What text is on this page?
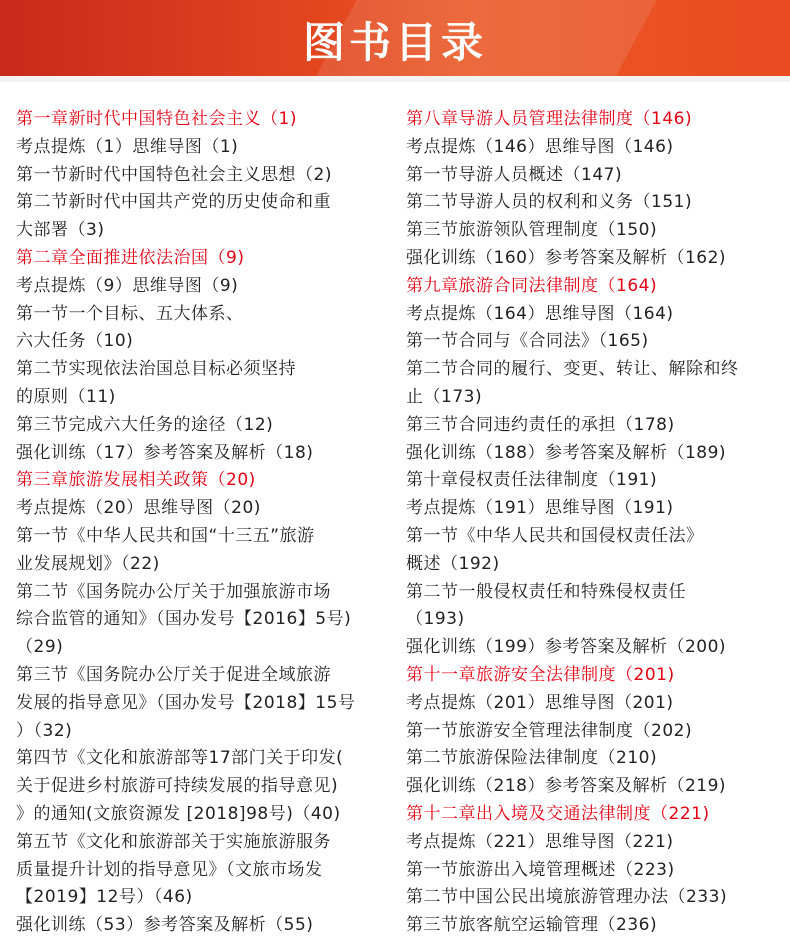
图书目录
第一章新时代中国特色社会主义（1)
考点提炼（1）思维导图（1)
第一节新时代中国特色社会主义思想（2)
第二节新时代中国共产党的历史使命和重
大部署（3)
第二章全面推进依法治国（9)
考点提炼（9）思维导图（9)
第一节一个目标、五大体系、
六大任务（10)
第二节实现依法治国总目标必须坚持
的原则（11)
第三节完成六大任务的途径（12)
强化训练（17）参考答案及解析（18)
第三章旅游发展相关政策（20)
考点提炼（20）思维导图（20)
第一节《中华人民共和国“十三五”旅游
业发展规划》（22)
第二节《国务院办公厅关于加强旅游市场
综合监管的通知》（国办发号【2016】5号)
（29)
第三节《国务院办公厅关于促进全域旅游
发展的指导意见》（国办发号【2018】15号
）（32)
第四节《文化和旅游部等17部门关于印发(
关于促进乡村旅游可持续发展的指导意见)
》的通知(文旅资源发 [2018]98号)（40)
第五节《文化和旅游部关于实施旅游服务
质量提升计划的指导意见》（文旅市场发
【2019】12号）（46)
强化训练（53）参考答案及解析（55)
第八章导游人员管理法律制度（146)
考点提炼（146）思维导图（146)
第一节导游人员概述（147)
第二节导游人员的权利和义务（151)
第三节旅游领队管理制度（150)
强化训练（160）参考答案及解析（162)
第九章旅游合同法律制度（164)
考点提炼（164）思维导图（164)
第一节合同与《合同法》（165)
第二节合同的履行、变更、转让、解除和终
止（173)
第三节合同违约责任的承担（178)
强化训练（188）参考答案及解析（189)
第十章侵权责任法律制度（191)
考点提炼（191）思维导图（191)
第一节《中华人民共和国侵权责任法》
概述（192)
第二节一般侵权责任和特殊侵权责任
（193)
强化训练（199）参考答案及解析（200)
第十一章旅游安全法律制度（201)
考点提炼（201）思维导图（201)
第一节旅游安全管理法律制度（202)
第二节旅游保险法律制度（210)
强化训练（218）参考答案及解析（219)
第十二章出入境及交通法律制度（221)
考点提炼（221）思维导图（221)
第一节旅游出入境管理概述（223)
第二节中国公民出境旅游管理办法（233)
第三节旅客航空运输管理（236)
